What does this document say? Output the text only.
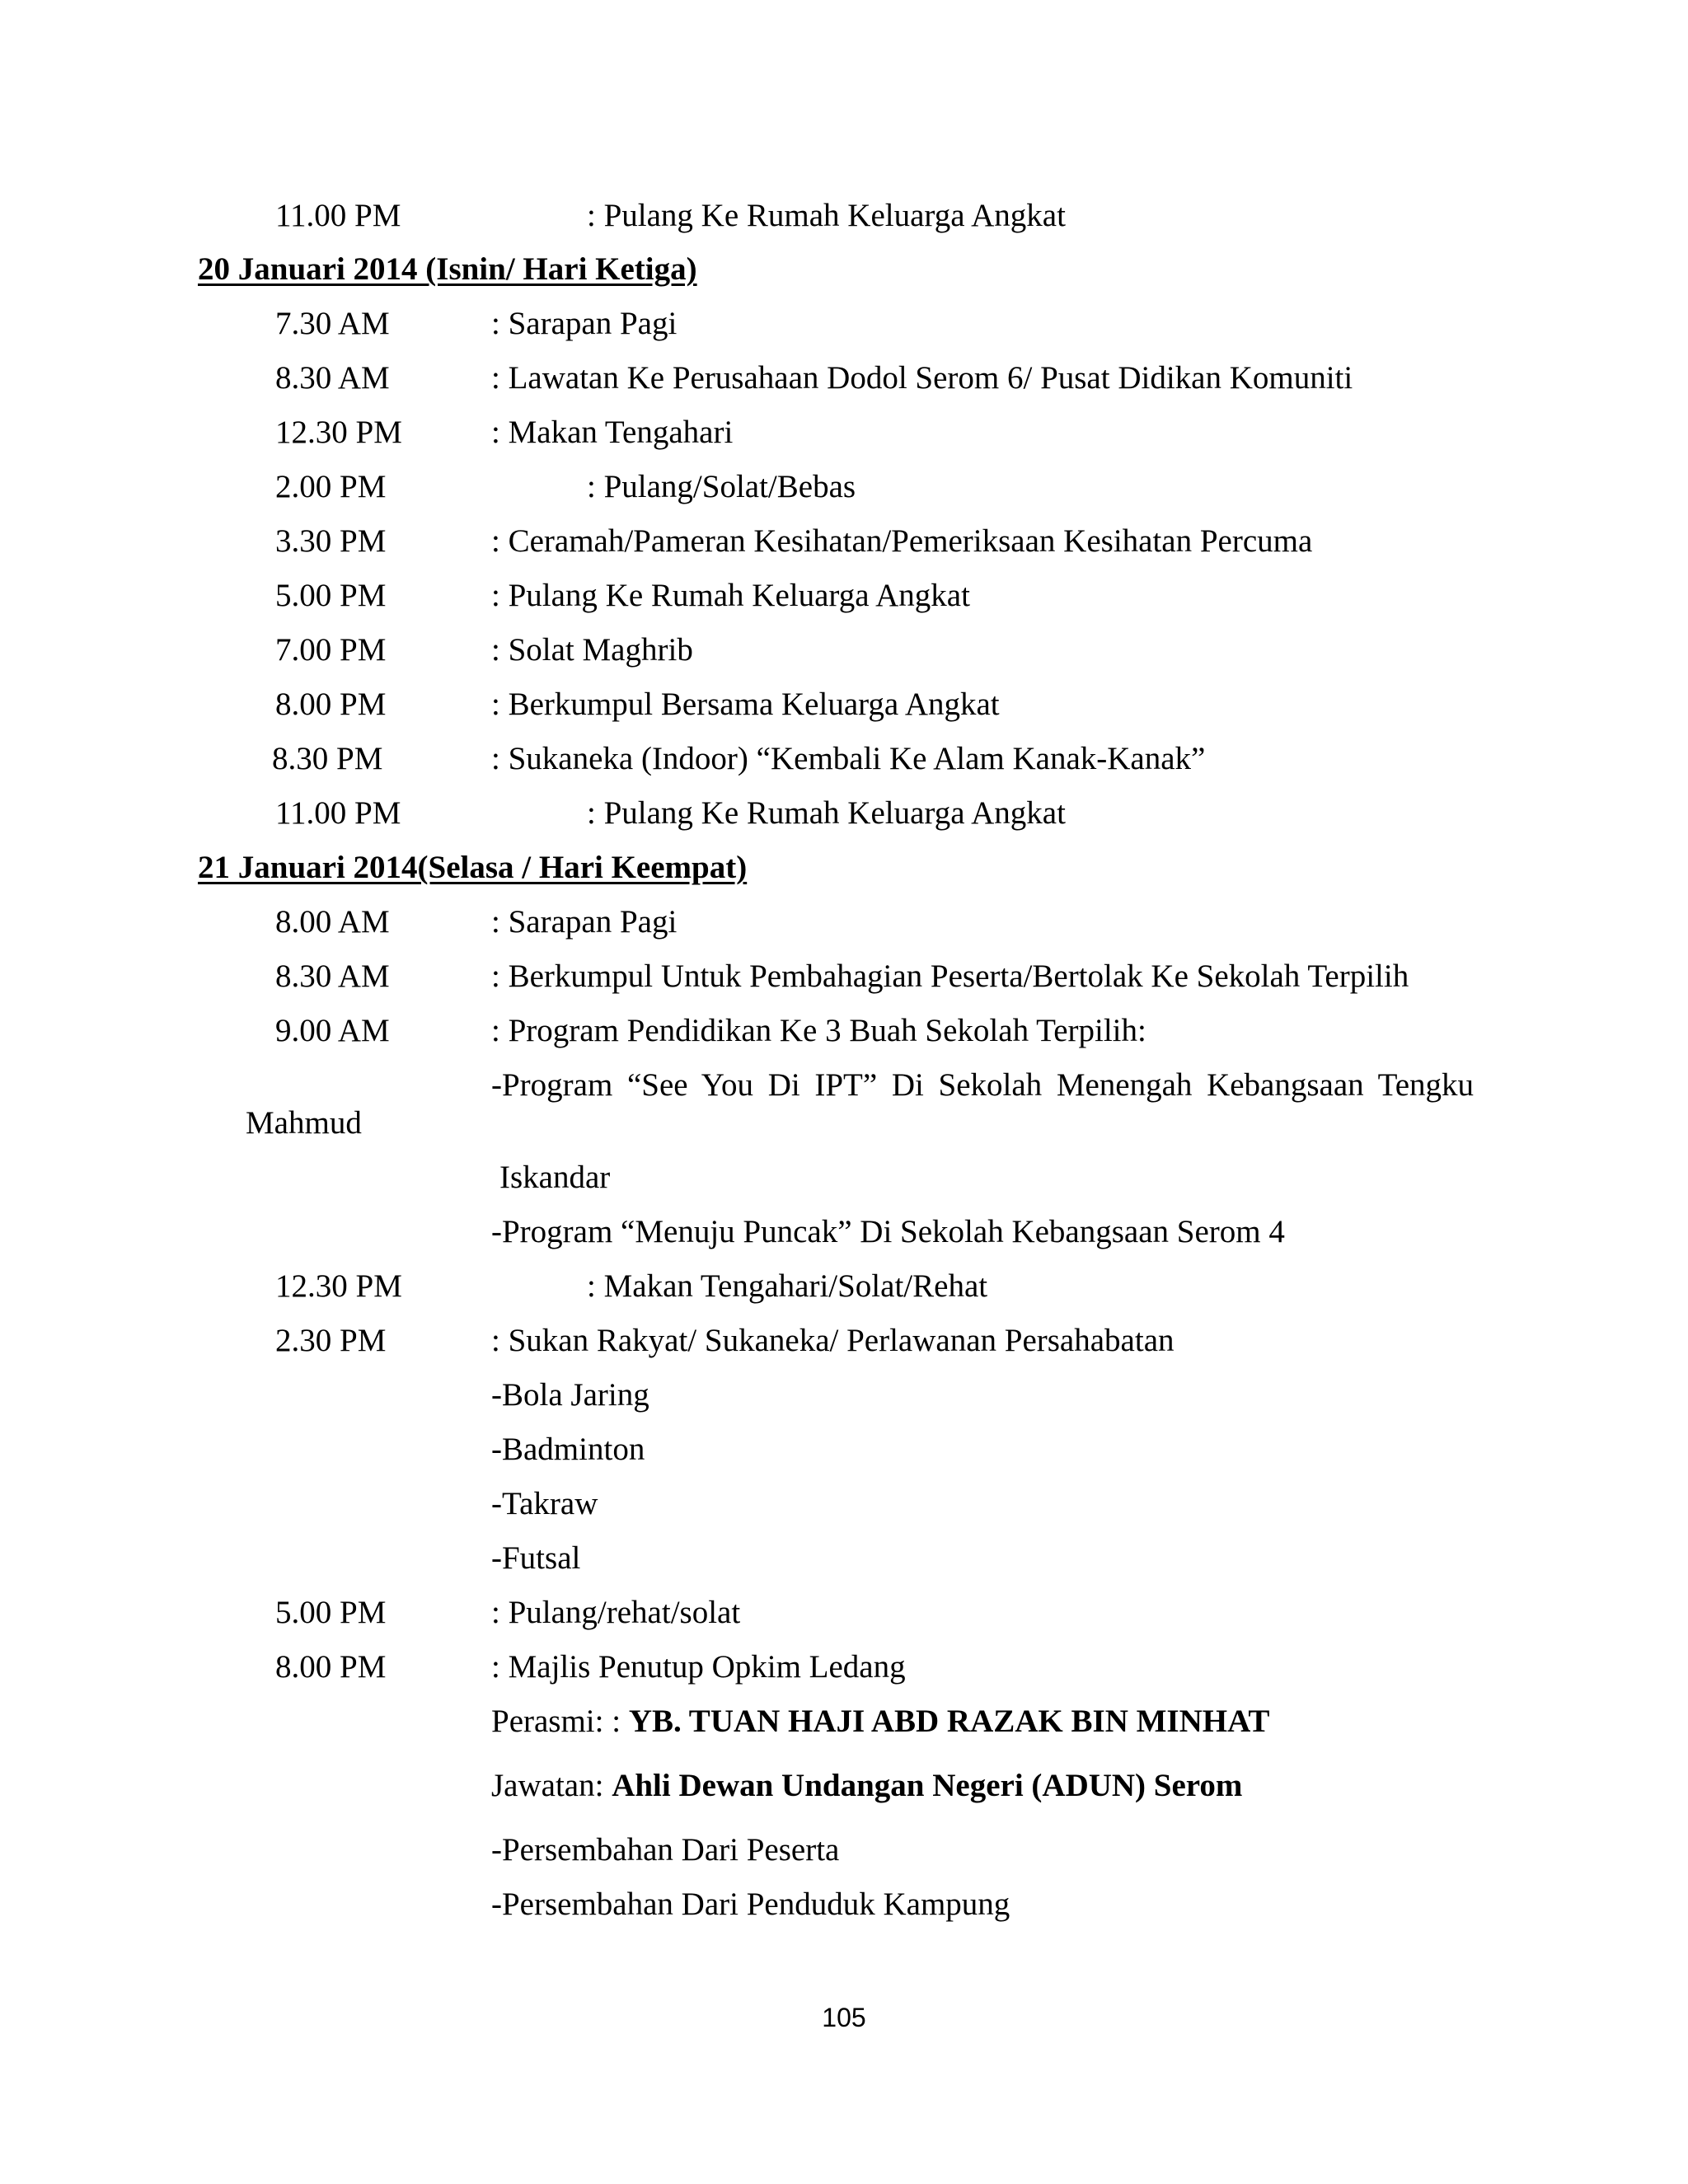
11.00 PM	: Pulang Ke Rumah Keluarga Angkat
20 Januari 2014 (Isnin/ Hari Ketiga)
7.30 AM	: Sarapan Pagi
8.30 AM	: Lawatan Ke Perusahaan Dodol Serom 6/ Pusat Didikan Komuniti
12.30 PM	: Makan Tengahari
2.00 PM	: Pulang/Solat/Bebas
3.30 PM	: Ceramah/Pameran Kesihatan/Pemeriksaan Kesihatan Percuma
5.00 PM	: Pulang Ke Rumah Keluarga Angkat
7.00 PM	: Solat Maghrib
8.00 PM	: Berkumpul Bersama Keluarga Angkat
8.30 PM	: Sukaneka (Indoor) “Kembali Ke Alam Kanak-Kanak”
11.00 PM	: Pulang Ke Rumah Keluarga Angkat
21 Januari 2014(Selasa / Hari Keempat)
8.00 AM	: Sarapan Pagi
8.30 AM	: Berkumpul Untuk Pembahagian Peserta/Bertolak Ke Sekolah Terpilih
9.00 AM	: Program Pendidikan Ke 3 Buah Sekolah Terpilih:
-Program “See You Di IPT” Di Sekolah Menengah Kebangsaan Tengku
Mahmud
Iskandar
-Program “Menuju Puncak” Di Sekolah Kebangsaan Serom 4
12.30 PM	: Makan Tengahari/Solat/Rehat
2.30 PM	: Sukan Rakyat/ Sukaneka/ Perlawanan Persahabatan
-Bola Jaring
-Badminton
-Takraw
-Futsal
5.00 PM	: Pulang/rehat/solat
8.00 PM	: Majlis Penutup Opkim Ledang
Perasmi: : YB. TUAN HAJI ABD RAZAK BIN MINHAT
Jawatan: Ahli Dewan Undangan Negeri (ADUN) Serom
-Persembahan Dari Peserta
-Persembahan Dari Penduduk Kampung
105
